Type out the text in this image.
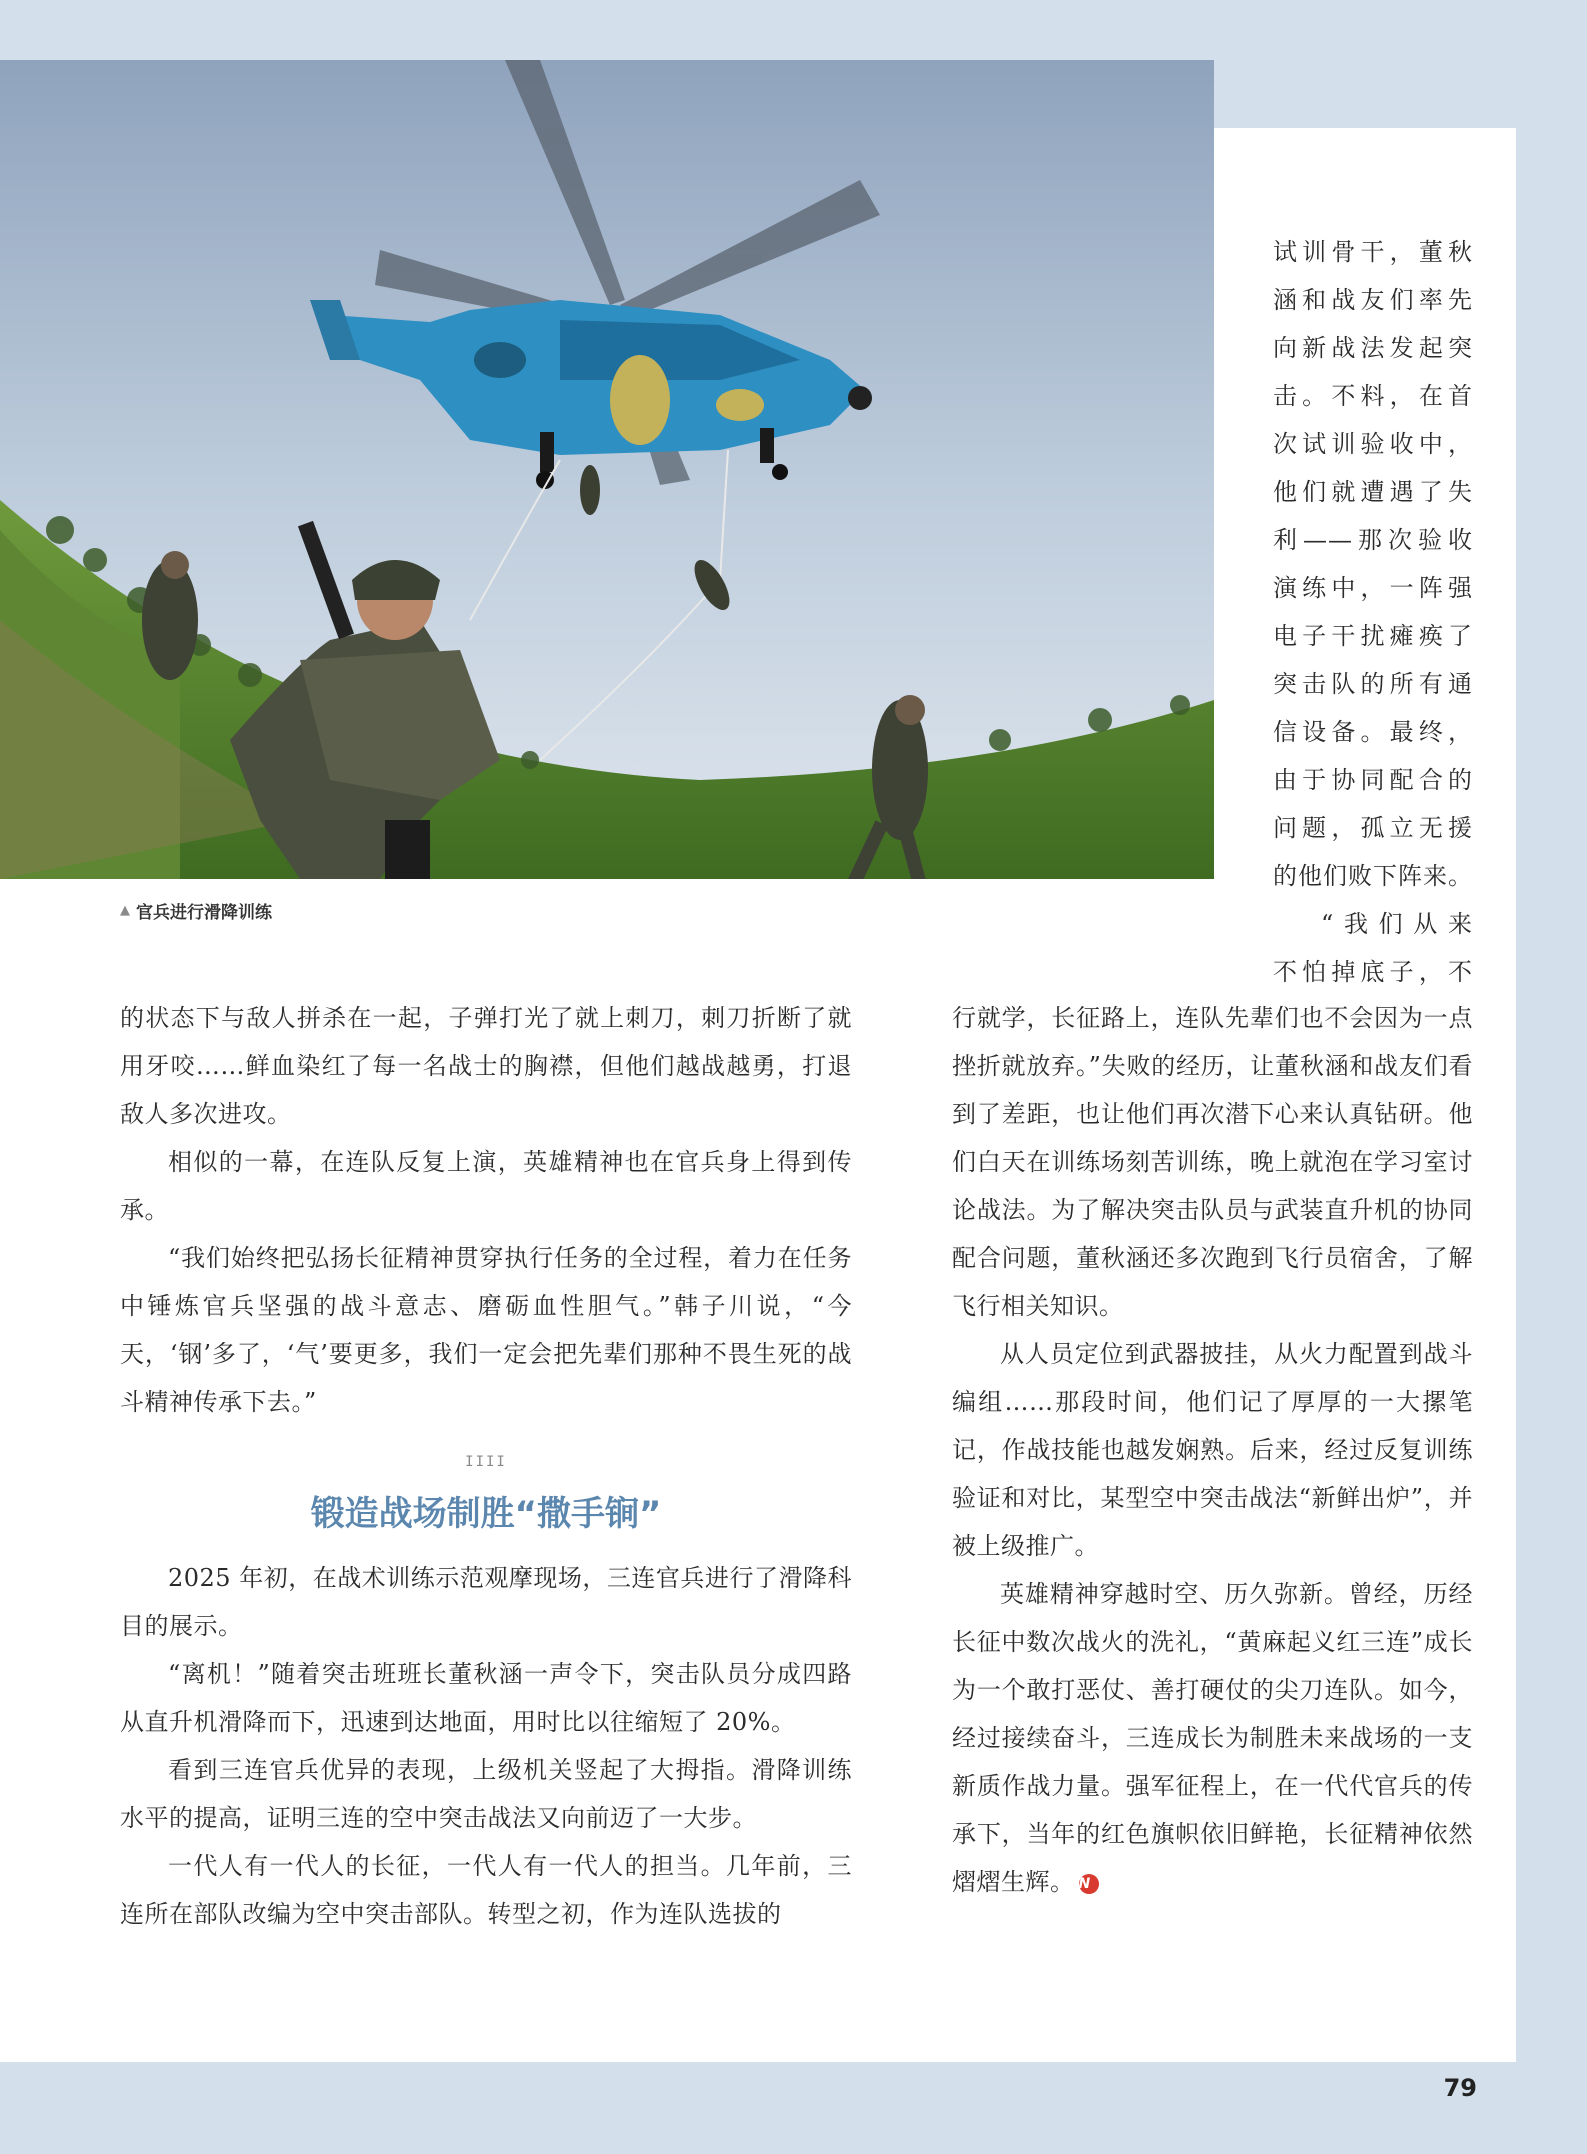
▲ 官兵进行滑降训练

试训骨干，董秋

涵和战友们率先

向新战法发起突

击。不料，在首

次试训验收中，

他们就遭遇了失

利——那次验收

演练中，一阵强

电子干扰瘫痪了

突击队的所有通

信设备。最终，

由于协同配合的

问题，孤立无援

的他们败下阵来。

“我们从来

不怕掉底子，不

的状态下与敌人拼杀在一起，子弹打光了就上刺刀，刺刀折断了就用牙咬……鲜血染红了每一名战士的胸襟，但他们越战越勇，打退敌人多次进攻。

相似的一幕，在连队反复上演，英雄精神也在官兵身上得到传承。

“我们始终把弘扬长征精神贯穿执行任务的全过程，着力在任务中锤炼官兵坚强的战斗意志、磨砺血性胆气。”韩子川说，“今天，‘钢’多了，‘气’要更多，我们一定会把先辈们那种不畏生死的战斗精神传承下去。”

IIII
锻造战场制胜“撒手锏”

2025 年初，在战术训练示范观摩现场，三连官兵进行了滑降科目的展示。

“离机！”随着突击班班长董秋涵一声令下，突击队员分成四路从直升机滑降而下，迅速到达地面，用时比以往缩短了 20%。

看到三连官兵优异的表现，上级机关竖起了大拇指。滑降训练水平的提高，证明三连的空中突击战法又向前迈了一大步。

一代人有一代人的长征，一代人有一代人的担当。几年前，三连所在部队改编为空中突击部队。转型之初，作为连队选拔的

行就学，长征路上，连队先辈们也不会因为一点挫折就放弃。”失败的经历，让董秋涵和战友们看到了差距，也让他们再次潜下心来认真钻研。他们白天在训练场刻苦训练，晚上就泡在学习室讨论战法。为了解决突击队员与武装直升机的协同配合问题，董秋涵还多次跑到飞行员宿舍，了解飞行相关知识。

从人员定位到武器披挂，从火力配置到战斗编组……那段时间，他们记了厚厚的一大摞笔记，作战技能也越发娴熟。后来，经过反复训练验证和对比，某型空中突击战法“新鲜出炉”，并被上级推广。

英雄精神穿越时空、历久弥新。曾经，历经长征中数次战火的洗礼，“黄麻起义红三连”成长为一个敢打恶仗、善打硬仗的尖刀连队。如今，经过接续奋斗，三连成长为制胜未来战场的一支新质作战力量。强军征程上，在一代代官兵的传承下，当年的红色旗帜依旧鲜艳，长征精神依然熠熠生辉。 N

79
